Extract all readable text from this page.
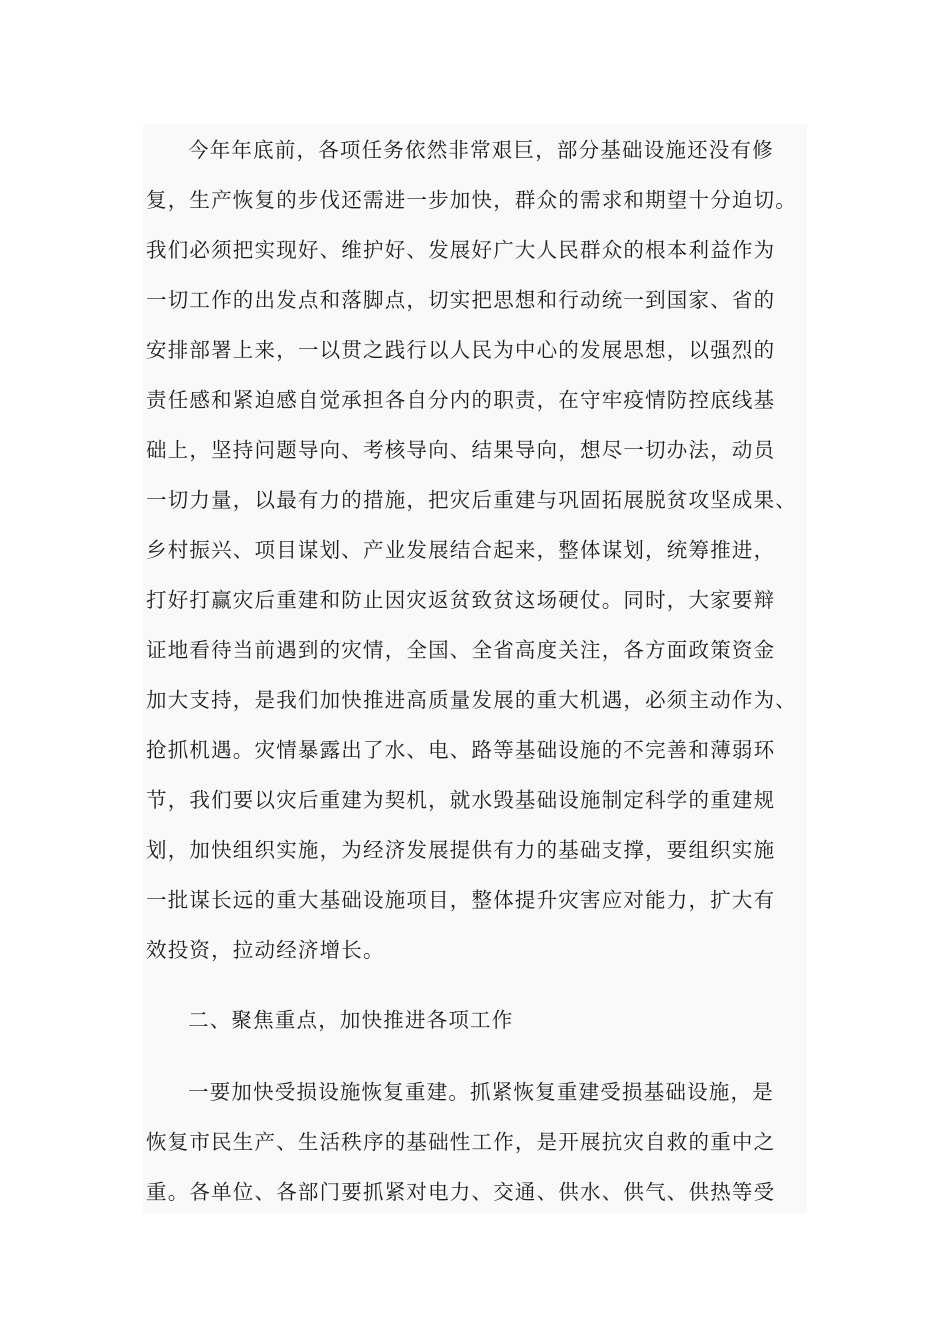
今年年底前，各项任务依然非常艰巨，部分基础设施还没有修
复，生产恢复的步伐还需进一步加快，群众的需求和期望十分迫切。
我们必须把实现好、维护好、发展好广大人民群众的根本利益作为
一切工作的出发点和落脚点，切实把思想和行动统一到国家、省的
安排部署上来，一以贯之践行以人民为中心的发展思想，以强烈的
责任感和紧迫感自觉承担各自分内的职责，在守牢疫情防控底线基
础上，坚持问题导向、考核导向、结果导向，想尽一切办法，动员
一切力量，以最有力的措施，把灾后重建与巩固拓展脱贫攻坚成果、
乡村振兴、项目谋划、产业发展结合起来，整体谋划，统筹推进，
打好打赢灾后重建和防止因灾返贫致贫这场硬仗。同时，大家要辩
证地看待当前遇到的灾情，全国、全省高度关注，各方面政策资金
加大支持，是我们加快推进高质量发展的重大机遇，必须主动作为、
抢抓机遇。灾情暴露出了水、电、路等基础设施的不完善和薄弱环
节，我们要以灾后重建为契机，就水毁基础设施制定科学的重建规
划，加快组织实施，为经济发展提供有力的基础支撑，要组织实施
一批谋长远的重大基础设施项目，整体提升灾害应对能力，扩大有
效投资，拉动经济增长。
二、聚焦重点，加快推进各项工作
一要加快受损设施恢复重建。抓紧恢复重建受损基础设施，是
恢复市民生产、生活秩序的基础性工作，是开展抗灾自救的重中之
重。各单位、各部门要抓紧对电力、交通、供水、供气、供热等受
